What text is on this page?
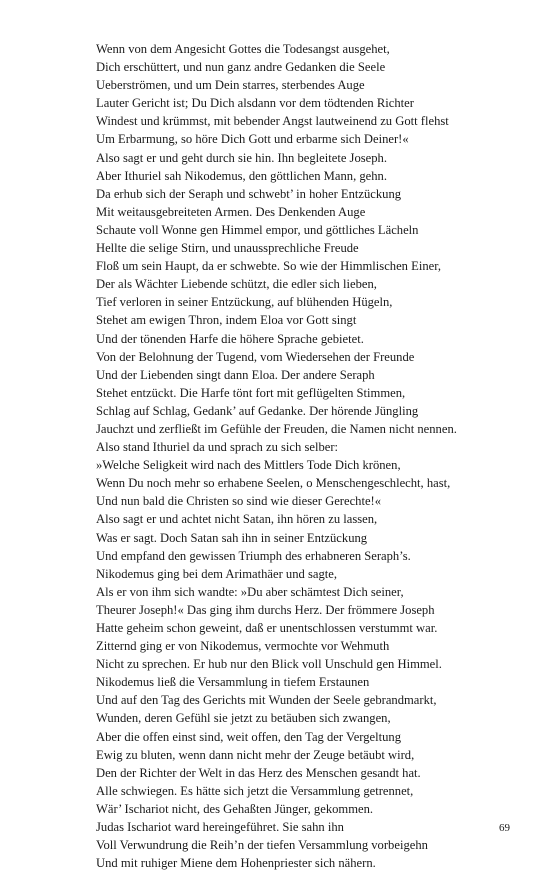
Wenn von dem Angesicht Gottes die Todesangst ausgehet,
Dich erschüttert, und nun ganz andre Gedanken die Seele
Ueberströmen, und um Dein starres, sterbendes Auge
Lauter Gericht ist; Du Dich alsdann vor dem tödtenden Richter
Windest und krümmst, mit bebender Angst lautweinend zu Gott flehst
Um Erbarmung, so höre Dich Gott und erbarme sich Deiner!«
Also sagt er und geht durch sie hin. Ihn begleitete Joseph.
Aber Ithuriel sah Nikodemus, den göttlichen Mann, gehn.
Da erhub sich der Seraph und schwebt’ in hoher Entzückung
Mit weitausgebreiteten Armen. Des Denkenden Auge
Schaute voll Wonne gen Himmel empor, und göttliches Lächeln
Hellte die selige Stirn, und unaussprechliche Freude
Floß um sein Haupt, da er schwebte. So wie der Himmlischen Einer,
Der als Wächter Liebende schützt, die edler sich lieben,
Tief verloren in seiner Entzückung, auf blühenden Hügeln,
Stehet am ewigen Thron, indem Eloa vor Gott singt
Und der tönenden Harfe die höhere Sprache gebietet.
Von der Belohnung der Tugend, vom Wiedersehen der Freunde
Und der Liebenden singt dann Eloa. Der andere Seraph
Stehet entzückt. Die Harfe tönt fort mit geflügelten Stimmen,
Schlag auf Schlag, Gedank’ auf Gedanke. Der hörende Jüngling
Jauchzt und zerfließt im Gefühle der Freuden, die Namen nicht nennen.
Also stand Ithuriel da und sprach zu sich selber:
»Welche Seligkeit wird nach des Mittlers Tode Dich krönen,
Wenn Du noch mehr so erhabene Seelen, o Menschengeschlecht, hast,
Und nun bald die Christen so sind wie dieser Gerechte!«
Also sagt er und achtet nicht Satan, ihn hören zu lassen,
Was er sagt. Doch Satan sah ihn in seiner Entzückung
Und empfand den gewissen Triumph des erhabneren Seraph’s.
Nikodemus ging bei dem Arimathäer und sagte,
Als er von ihm sich wandte: »Du aber schämtest Dich seiner,
Theurer Joseph!« Das ging ihm durchs Herz. Der frömmere Joseph
Hatte geheim schon geweint, daß er unentschlossen verstummt war.
Zitternd ging er von Nikodemus, vermochte vor Wehmuth
Nicht zu sprechen. Er hub nur den Blick voll Unschuld gen Himmel.
Nikodemus ließ die Versammlung in tiefem Erstaunen
Und auf den Tag des Gerichts mit Wunden der Seele gebrandmarkt,
Wunden, deren Gefühl sie jetzt zu betäuben sich zwangen,
Aber die offen einst sind, weit offen, den Tag der Vergeltung
Ewig zu bluten, wenn dann nicht mehr der Zeuge betäubt wird,
Den der Richter der Welt in das Herz des Menschen gesandt hat.
Alle schwiegen. Es hätte sich jetzt die Versammlung getrennet,
Wär’ Ischariot nicht, des Gehaßten Jünger, gekommen.
Judas Ischariot ward hereingeführet. Sie sahn ihn
Voll Verwundrung die Reih’n der tiefen Versammlung vorbeigehn
Und mit ruhiger Miene dem Hohenpriester sich nähern.
69
